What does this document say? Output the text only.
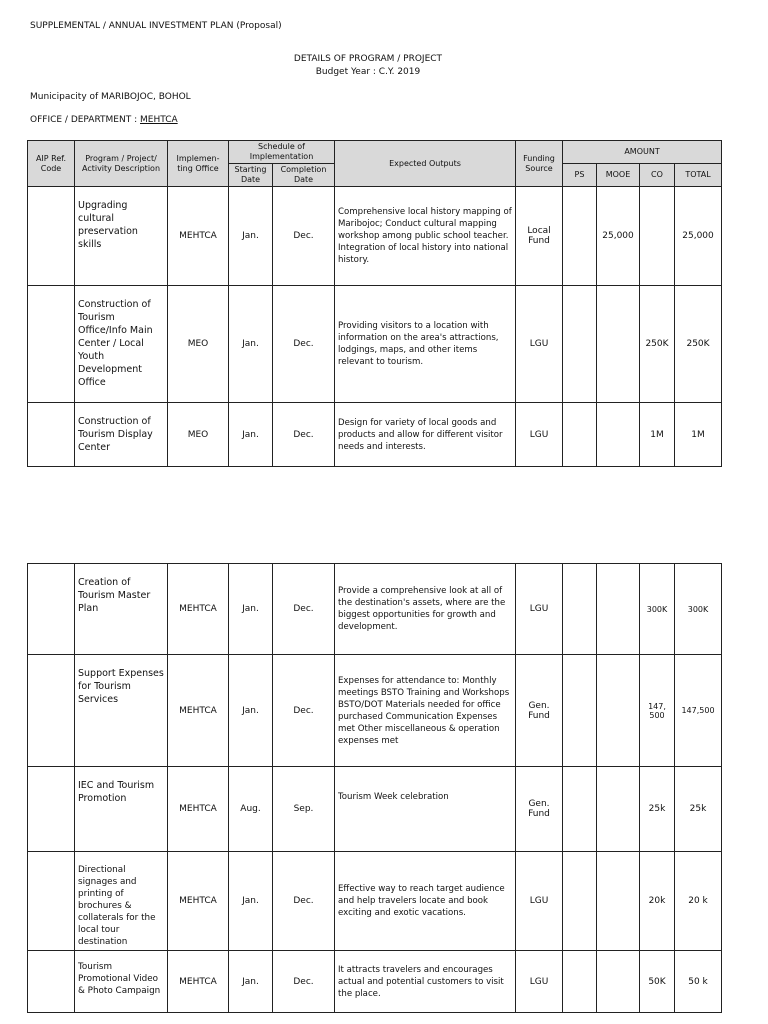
SUPPLEMENTAL / ANNUAL INVESTMENT PLAN (Proposal)
DETAILS OF PROGRAM / PROJECT
Budget Year : C.Y. 2019
Municipacity of MARIBOJOC, BOHOL
OFFICE / DEPARTMENT : MEHTCA
AIP Ref. Code	Program / Project/ Activity Description	Implemen-ting Office	Schedule of Implementation		Expected Outputs	Funding Source	AMOUNT			
			Starting Date	Completion Date			PS	MOOE	CO	TOTAL
	Upgrading cultural preservation skills	MEHTCA	Jan.	Dec.	Comprehensive local history mapping of Maribojoc; Conduct cultural mapping workshop among public school teacher. Integration of local history into national history.	Local Fund		25,000		25,000
	Construction of Tourism Office/Info Main Center / Local Youth Development Office	MEO	Jan.	Dec.	Providing visitors to a location with information on the area's attractions, lodgings, maps, and other items relevant to tourism.	LGU			250K	250K
	Construction of Tourism Display Center	MEO	Jan.	Dec.	Design for variety of local goods and products and allow for different visitor needs and interests.	LGU			1M	1M
	Creation of Tourism Master Plan	MEHTCA	Jan.	Dec.	Provide a comprehensive look at all of the destination's assets, where are the biggest opportunities for growth and development.	LGU			300K	300K
	Support Expenses for Tourism Services	MEHTCA	Jan.	Dec.	Expenses for attendance to: Monthly meetings BSTO Training and Workshops BSTO/DOT Materials needed for office purchased Communication Expenses met Other miscellaneous & operation expenses met	Gen. Fund			147, 500	147,500
	IEC and Tourism Promotion	MEHTCA	Aug.	Sep.	Tourism Week celebration	Gen. Fund			25k	25k
	Directional signages and printing of brochures & collaterals for the local tour destination	MEHTCA	Jan.	Dec.	Effective way to reach target audience and help travelers locate and book exciting and exotic vacations.	LGU			20k	20 k
	Tourism Promotional Video & Photo Campaign	MEHTCA	Jan.	Dec.	It attracts travelers and encourages actual and potential customers to visit the place.	LGU			50K	50 k
